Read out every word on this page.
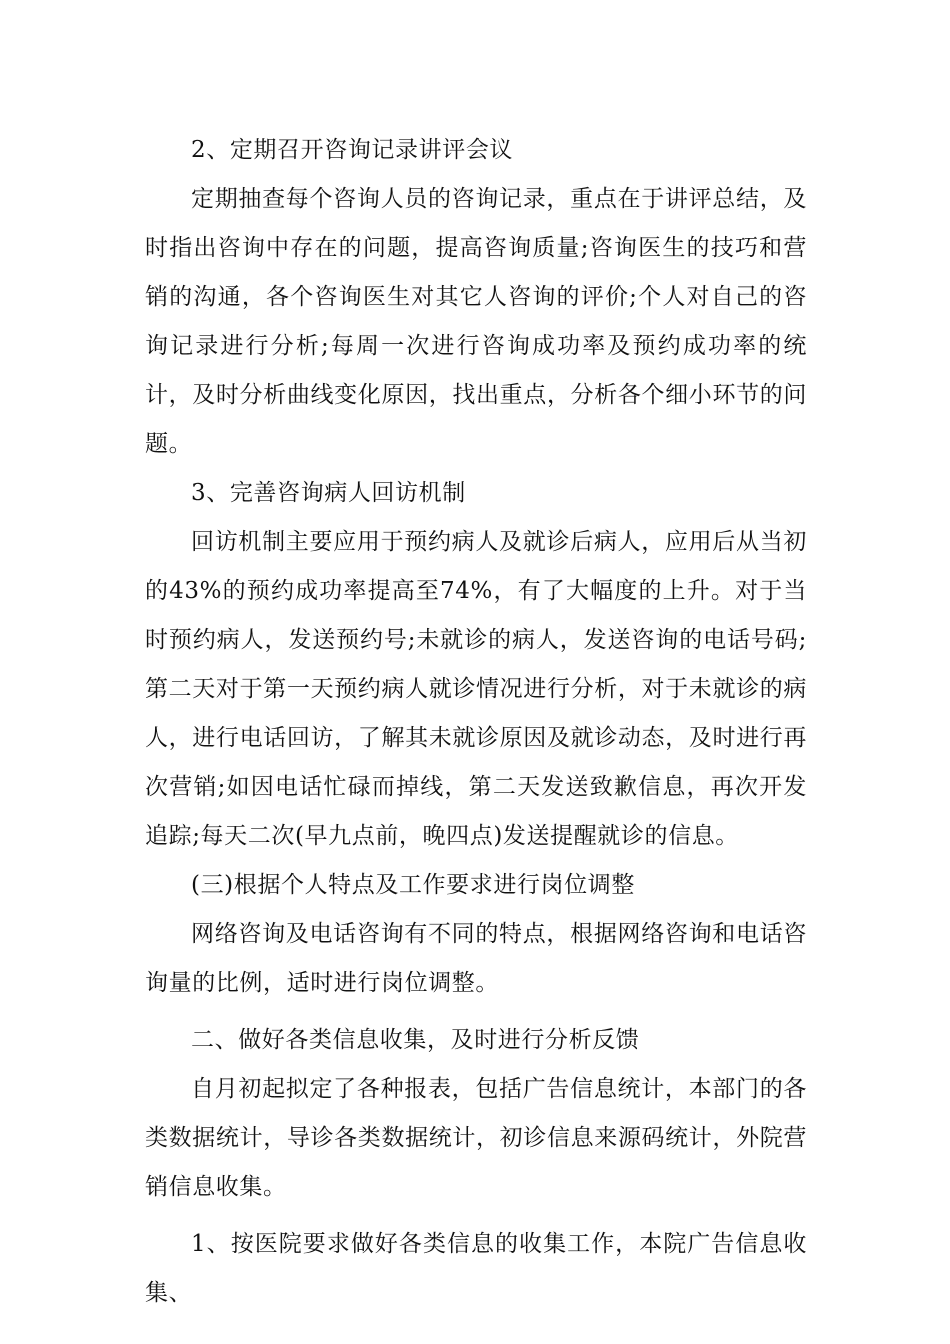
2、定期召开咨询记录讲评会议

定期抽查每个咨询人员的咨询记录，重点在于讲评总结，及时指出咨询中存在的问题，提高咨询质量;咨询医生的技巧和营销的沟通，各个咨询医生对其它人咨询的评价;个人对自己的咨询记录进行分析;每周一次进行咨询成功率及预约成功率的统计，及时分析曲线变化原因，找出重点，分析各个细小环节的问题。

3、完善咨询病人回访机制

回访机制主要应用于预约病人及就诊后病人，应用后从当初的43%的预约成功率提高至74%，有了大幅度的上升。对于当时预约病人，发送预约号;未就诊的病人，发送咨询的电话号码;第二天对于第一天预约病人就诊情况进行分析，对于未就诊的病人，进行电话回访，了解其未就诊原因及就诊动态，及时进行再次营销;如因电话忙碌而掉线，第二天发送致歉信息，再次开发追踪;每天二次(早九点前，晚四点)发送提醒就诊的信息。

(三)根据个人特点及工作要求进行岗位调整

网络咨询及电话咨询有不同的特点，根据网络咨询和电话咨询量的比例，适时进行岗位调整。

二、做好各类信息收集，及时进行分析反馈

自月初起拟定了各种报表，包括广告信息统计，本部门的各类数据统计，导诊各类数据统计，初诊信息来源码统计，外院营销信息收集。

1、按医院要求做好各类信息的收集工作，本院广告信息收集、
